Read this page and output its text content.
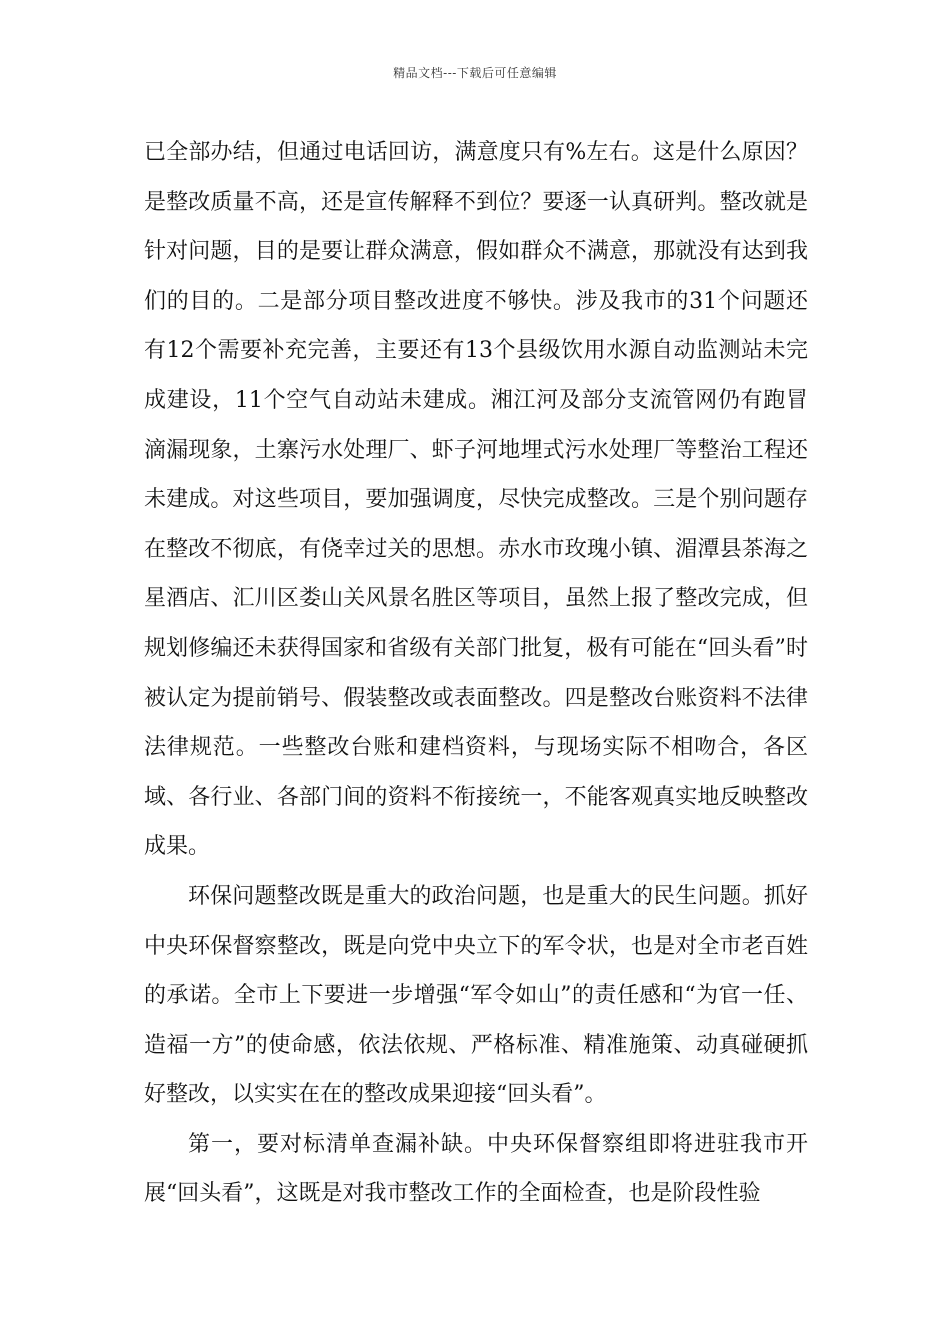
精品文档---下载后可任意编辑

已全部办结，但通过电话回访，满意度只有%左右。这是什么原因？是整改质量不高，还是宣传解释不到位？要逐一认真研判。整改就是针对问题，目的是要让群众满意，假如群众不满意，那就没有达到我们的目的。二是部分项目整改进度不够快。涉及我市的31个问题还有12个需要补充完善，主要还有13个县级饮用水源自动监测站未完成建设，11个空气自动站未建成。湘江河及部分支流管网仍有跑冒滴漏现象，土寨污水处理厂、虾子河地埋式污水处理厂等整治工程还未建成。对这些项目，要加强调度，尽快完成整改。三是个别问题存在整改不彻底，有侥幸过关的思想。赤水市玫瑰小镇、湄潭县茶海之星酒店、汇川区娄山关风景名胜区等项目，虽然上报了整改完成，但规划修编还未获得国家和省级有关部门批复，极有可能在“回头看”时被认定为提前销号、假装整改或表面整改。四是整改台账资料不法律法律规范。一些整改台账和建档资料，与现场实际不相吻合，各区域、各行业、各部门间的资料不衔接统一，不能客观真实地反映整改成果。

环保问题整改既是重大的政治问题，也是重大的民生问题。抓好中央环保督察整改，既是向党中央立下的军令状，也是对全市老百姓的承诺。全市上下要进一步增强“军令如山”的责任感和“为官一任、造福一方”的使命感，依法依规、严格标准、精准施策、动真碰硬抓好整改，以实实在在的整改成果迎接“回头看”。

第一，要对标清单查漏补缺。中央环保督察组即将进驻我市开展“回头看”，这既是对我市整改工作的全面检查，也是阶段性验
